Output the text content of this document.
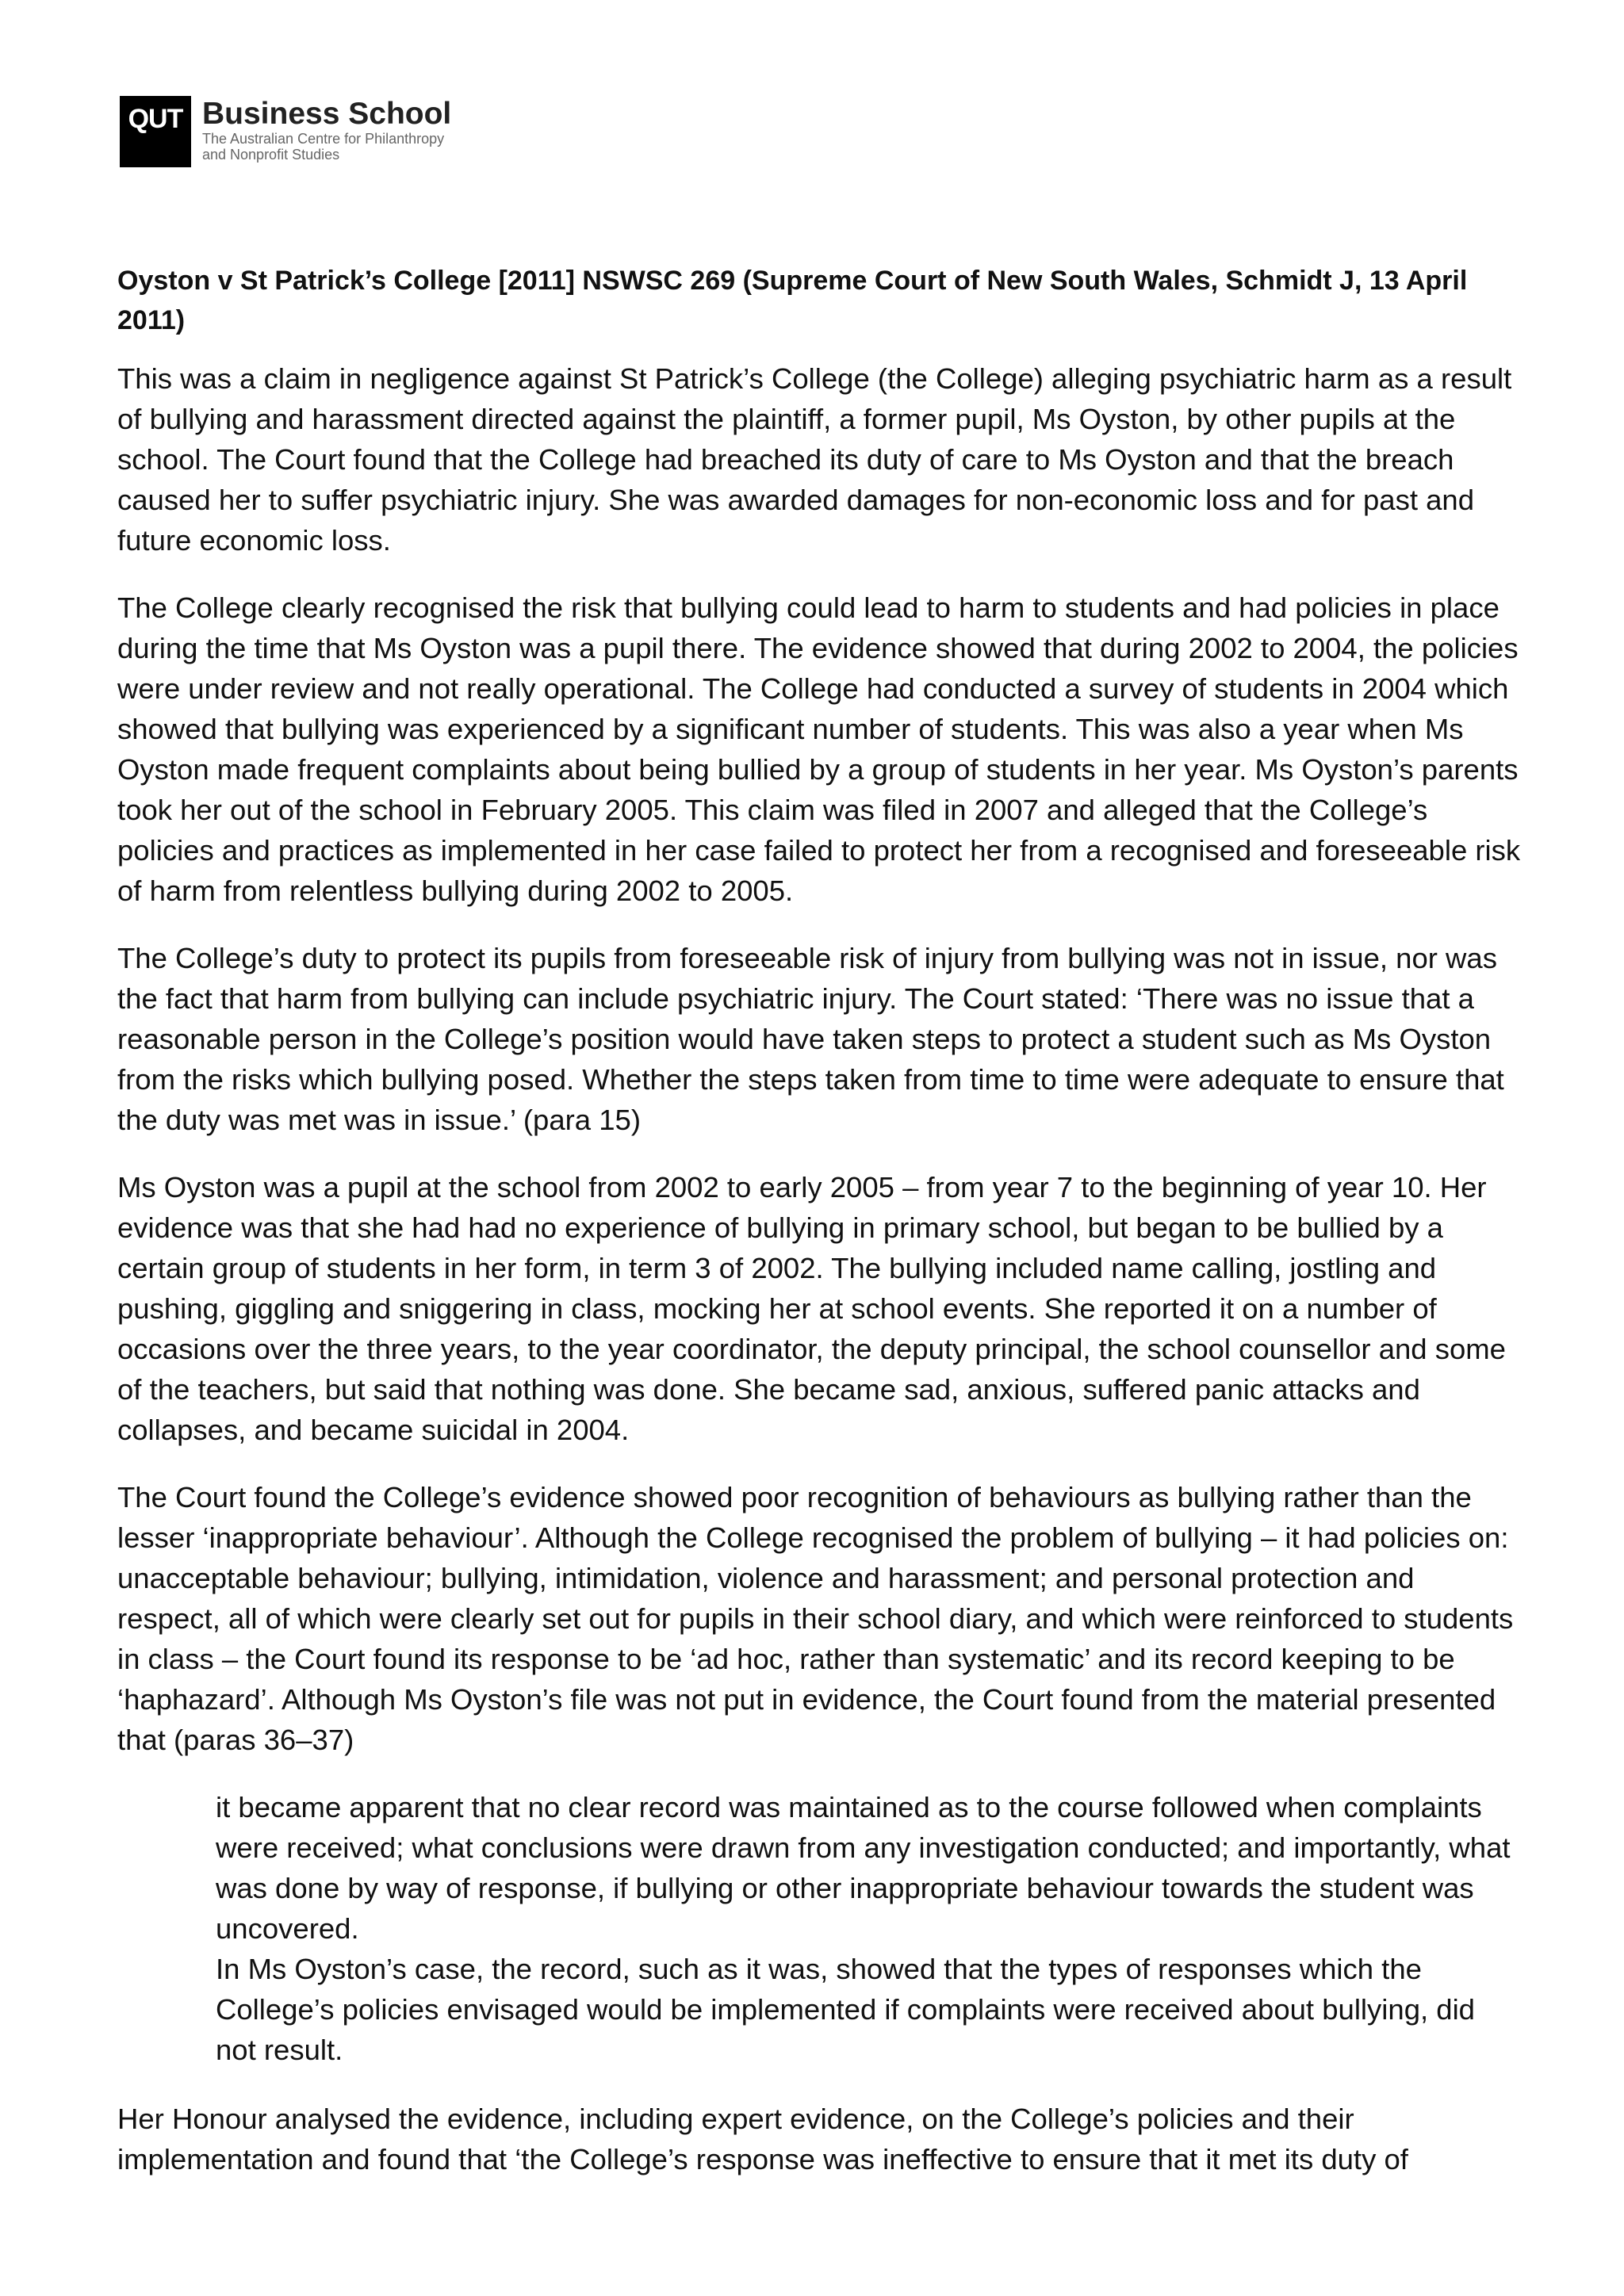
QUT Business School
The Australian Centre for Philanthropy
and Nonprofit Studies

Oyston v St Patrick’s College [2011] NSWSC 269 (Supreme Court of New South Wales, Schmidt J, 13 April 2011)

This was a claim in negligence against St Patrick’s College (the College) alleging psychiatric harm as a result of bullying and harassment directed against the plaintiff, a former pupil, Ms Oyston, by other pupils at the school. The Court found that the College had breached its duty of care to Ms Oyston and that the breach caused her to suffer psychiatric injury. She was awarded damages for non-economic loss and for past and future economic loss.

The College clearly recognised the risk that bullying could lead to harm to students and had policies in place during the time that Ms Oyston was a pupil there. The evidence showed that during 2002 to 2004, the policies were under review and not really operational. The College had conducted a survey of students in 2004 which showed that bullying was experienced by a significant number of students. This was also a year when Ms Oyston made frequent complaints about being bullied by a group of students in her year. Ms Oyston’s parents took her out of the school in February 2005. This claim was filed in 2007 and alleged that the College’s policies and practices as implemented in her case failed to protect her from a recognised and foreseeable risk of harm from relentless bullying during 2002 to 2005.

The College’s duty to protect its pupils from foreseeable risk of injury from bullying was not in issue, nor was the fact that harm from bullying can include psychiatric injury. The Court stated: ‘There was no issue that a reasonable person in the College’s position would have taken steps to protect a student such as Ms Oyston from the risks which bullying posed. Whether the steps taken from time to time were adequate to ensure that the duty was met was in issue.’ (para 15)

Ms Oyston was a pupil at the school from 2002 to early 2005 – from year 7 to the beginning of year 10. Her evidence was that she had had no experience of bullying in primary school, but began to be bullied by a certain group of students in her form, in term 3 of 2002. The bullying included name calling, jostling and pushing, giggling and sniggering in class, mocking her at school events. She reported it on a number of occasions over the three years, to the year coordinator, the deputy principal, the school counsellor and some of the teachers, but said that nothing was done. She became sad, anxious, suffered panic attacks and collapses, and became suicidal in 2004.

The Court found the College’s evidence showed poor recognition of behaviours as bullying rather than the lesser ‘inappropriate behaviour’. Although the College recognised the problem of bullying – it had policies on: unacceptable behaviour; bullying, intimidation, violence and harassment; and personal protection and respect, all of which were clearly set out for pupils in their school diary, and which were reinforced to students in class – the Court found its response to be ‘ad hoc, rather than systematic’ and its record keeping to be ‘haphazard’. Although Ms Oyston’s file was not put in evidence, the Court found from the material presented that (paras 36–37)

it became apparent that no clear record was maintained as to the course followed when complaints were received; what conclusions were drawn from any investigation conducted; and importantly, what was done by way of response, if bullying or other inappropriate behaviour towards the student was uncovered.

In Ms Oyston’s case, the record, such as it was, showed that the types of responses which the College’s policies envisaged would be implemented if complaints were received about bullying, did not result.

Her Honour analysed the evidence, including expert evidence, on the College’s policies and their implementation and found that ‘the College’s response was ineffective to ensure that it met its duty of
